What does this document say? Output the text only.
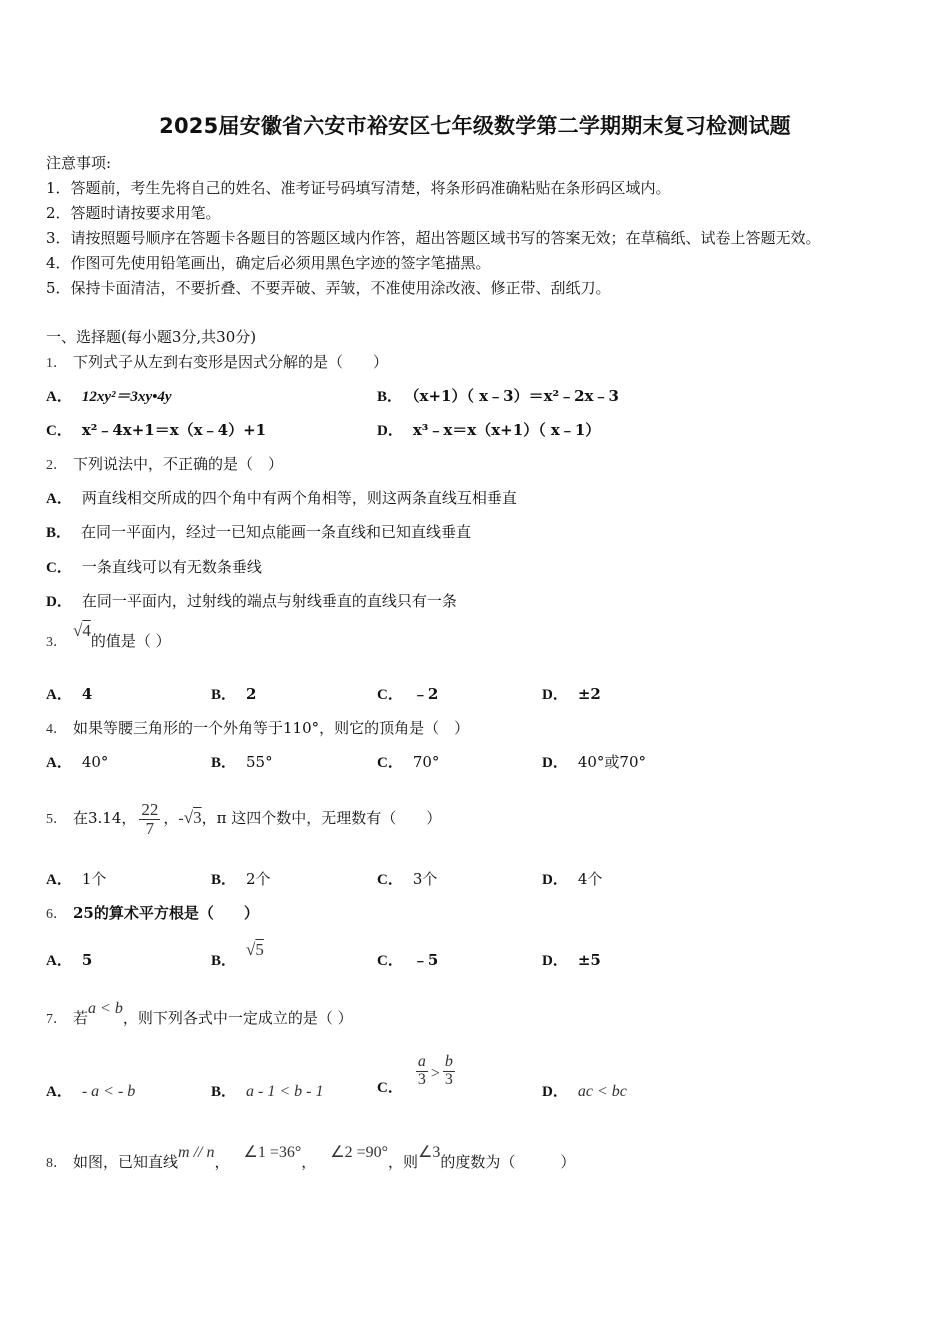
2025届安徽省六安市裕安区七年级数学第二学期期末复习检测试题
注意事项:
1．答题前，考生先将自己的姓名、准考证号码填写清楚，将条形码准确粘贴在条形码区域内。
2．答题时请按要求用笔。
3．请按照题号顺序在答题卡各题目的答题区域内作答，超出答题区域书写的答案无效；在草稿纸、试卷上答题无效。
4．作图可先使用铅笔画出，确定后必须用黑色字迹的签字笔描黑。
5．保持卡面清洁，不要折叠、不要弄破、弄皱，不准使用涂改液、修正带、刮纸刀。
一、选择题(每小题3分,共30分)
1． 下列式子从左到右变形是因式分解的是（　　）
A． 12xy²＝3xy•4y	B． （x+1）（ x﹣3）＝x²﹣2x﹣3
C． x²﹣4x+1＝x（x﹣4）+1	D． x³﹣x＝x（x+1）（ x﹣1）
2． 下列说法中，不正确的是（　）
A． 两直线相交所成的四个角中有两个角相等，则这两条直线互相垂直
B． 在同一平面内，经过一已知点能画一条直线和已知直线垂直
C． 一条直线可以有无数条垂线
D． 在同一平面内，过射线的端点与射线垂直的直线只有一条
3．√4的值是（ ）
A． 4	B． 2	C． ﹣2	D． ±2
4． 如果等腰三角形的一个外角等于110°，则它的顶角是（　）
A． 40°	B． 55°	C． 70°	D． 40°或70°
5． 在3.14， $\frac{22}{7}$ ，-√3，π 这四个数中，无理数有（　　）
A． 1个	B． 2个	C． 3个	D． 4个
6． 25的算术平方根是（　　）
A． 5	B．√5
C． ﹣5	D． ±5
7． 若a < b，则下列各式中一定成立的是（ ）
A． - a < - b	B． a - 1 < b - 1	C． $\frac{a}{3} > \frac{b}{3}$
D． ac < bc
8． 如图，已知直线m // n，∠1 =36°，∠2 =90°，则∠3的度数为（　　　）
